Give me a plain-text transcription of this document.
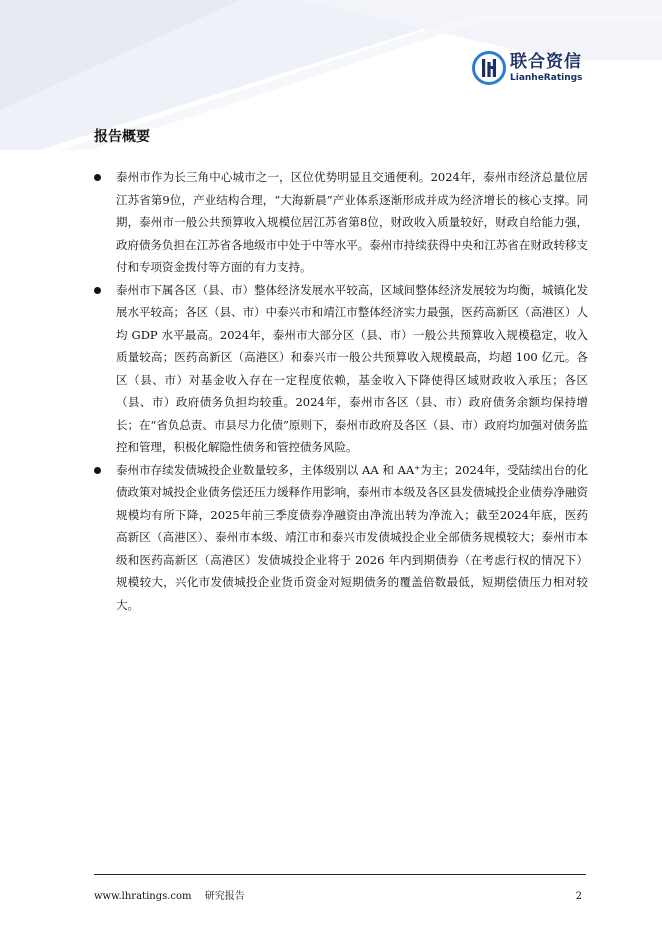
联合资信
LianheRatings
报告概要
泰州市作为长三角中心城市之一，区位优势明显且交通便利。2024年，泰州市经济总量位居江苏省第9位，产业结构合理，“大海新晨”产业体系逐渐形成并成为经济增长的核心支撑。同期，泰州市一般公共预算收入规模位居江苏省第8位，财政收入质量较好，财政自给能力强，政府债务负担在江苏省各地级市中处于中等水平。泰州市持续获得中央和江苏省在财政转移支付和专项资金拨付等方面的有力支持。
泰州市下属各区（县、市）整体经济发展水平较高，区域间整体经济发展较为均衡，城镇化发展水平较高；各区（县、市）中泰兴市和靖江市整体经济实力最强，医药高新区（高港区）人均 GDP 水平最高。2024年，泰州市大部分区（县、市）一般公共预算收入规模稳定，收入质量较高；医药高新区（高港区）和泰兴市一般公共预算收入规模最高，均超 100 亿元。各区（县、市）对基金收入存在一定程度依赖，基金收入下降使得区域财政收入承压；各区（县、市）政府债务负担均较重。2024年，泰州市各区（县、市）政府债务余额均保持增长；在“省负总责、市县尽力化债”原则下，泰州市政府及各区（县、市）政府均加强对债务监控和管理，积极化解隐性债务和管控债务风险。
泰州市存续发债城投企业数量较多，主体级别以 AA 和 AA⁺为主；2024年，受陆续出台的化债政策对城投企业债务偿还压力缓释作用影响，泰州市本级及各区县发债城投企业债券净融资规模均有所下降，2025年前三季度债券净融资由净流出转为净流入；截至2024年底，医药高新区（高港区）、泰州市本级、靖江市和泰兴市发债城投企业全部债务规模较大；泰州市本级和医药高新区（高港区）发债城投企业将于 2026 年内到期债券（在考虑行权的情况下）规模较大，兴化市发债城投企业货币资金对短期债务的覆盖倍数最低，短期偿债压力相对较大。
www.lhratings.com 研究报告	2
